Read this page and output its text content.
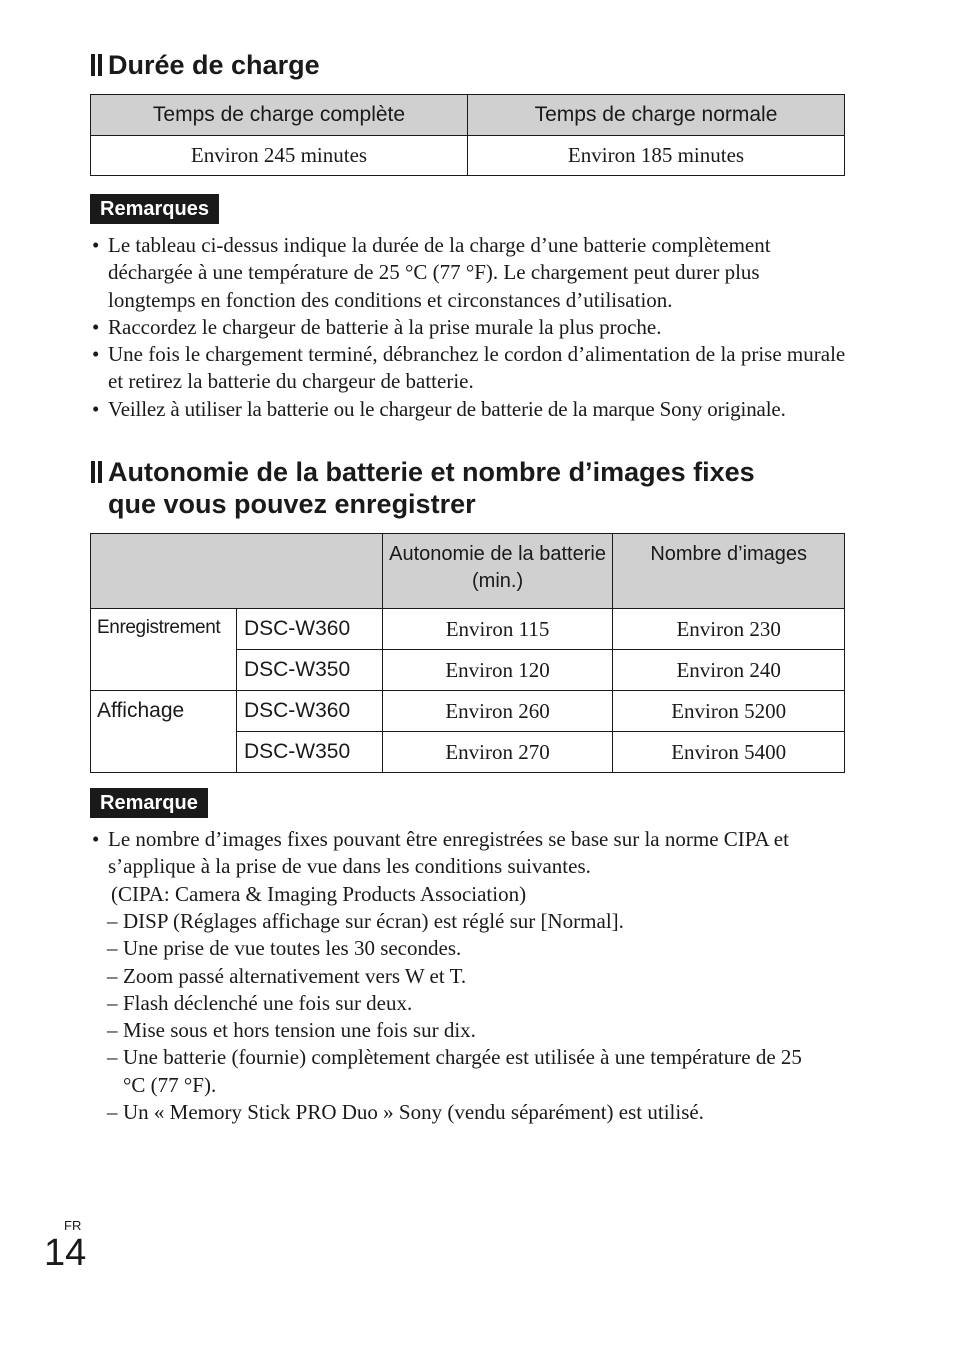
Durée de charge
Temps de charge complète	Temps de charge normale
Environ 245 minutes	Environ 185 minutes
Remarques
• Le tableau ci-dessus indique la durée de la charge d’une batterie complètement déchargée à une température de 25 °C (77 °F). Le chargement peut durer plus longtemps en fonction des conditions et circonstances d’utilisation.
• Raccordez le chargeur de batterie à la prise murale la plus proche.
• Une fois le chargement terminé, débranchez le cordon d’alimentation de la prise murale et retirez la batterie du chargeur de batterie.
• Veillez à utiliser la batterie ou le chargeur de batterie de la marque Sony originale.
Autonomie de la batterie et nombre d’images fixes
que vous pouvez enregistrer
		Autonomie de la batterie (min.)	Nombre d’images
Enregistrement	DSC-W360	Environ 115	Environ 230
	DSC-W350	Environ 120	Environ 240
Affichage	DSC-W360	Environ 260	Environ 5200
	DSC-W350	Environ 270	Environ 5400
Remarque
• Le nombre d’images fixes pouvant être enregistrées se base sur la norme CIPA et s’applique à la prise de vue dans les conditions suivantes.
(CIPA: Camera & Imaging Products Association)
– DISP (Réglages affichage sur écran) est réglé sur [Normal].
– Une prise de vue toutes les 30 secondes.
– Zoom passé alternativement vers W et T.
– Flash déclenché une fois sur deux.
– Mise sous et hors tension une fois sur dix.
– Une batterie (fournie) complètement chargée est utilisée à une température de 25 °C (77 °F).
– Un « Memory Stick PRO Duo » Sony (vendu séparément) est utilisé.
FR
14
